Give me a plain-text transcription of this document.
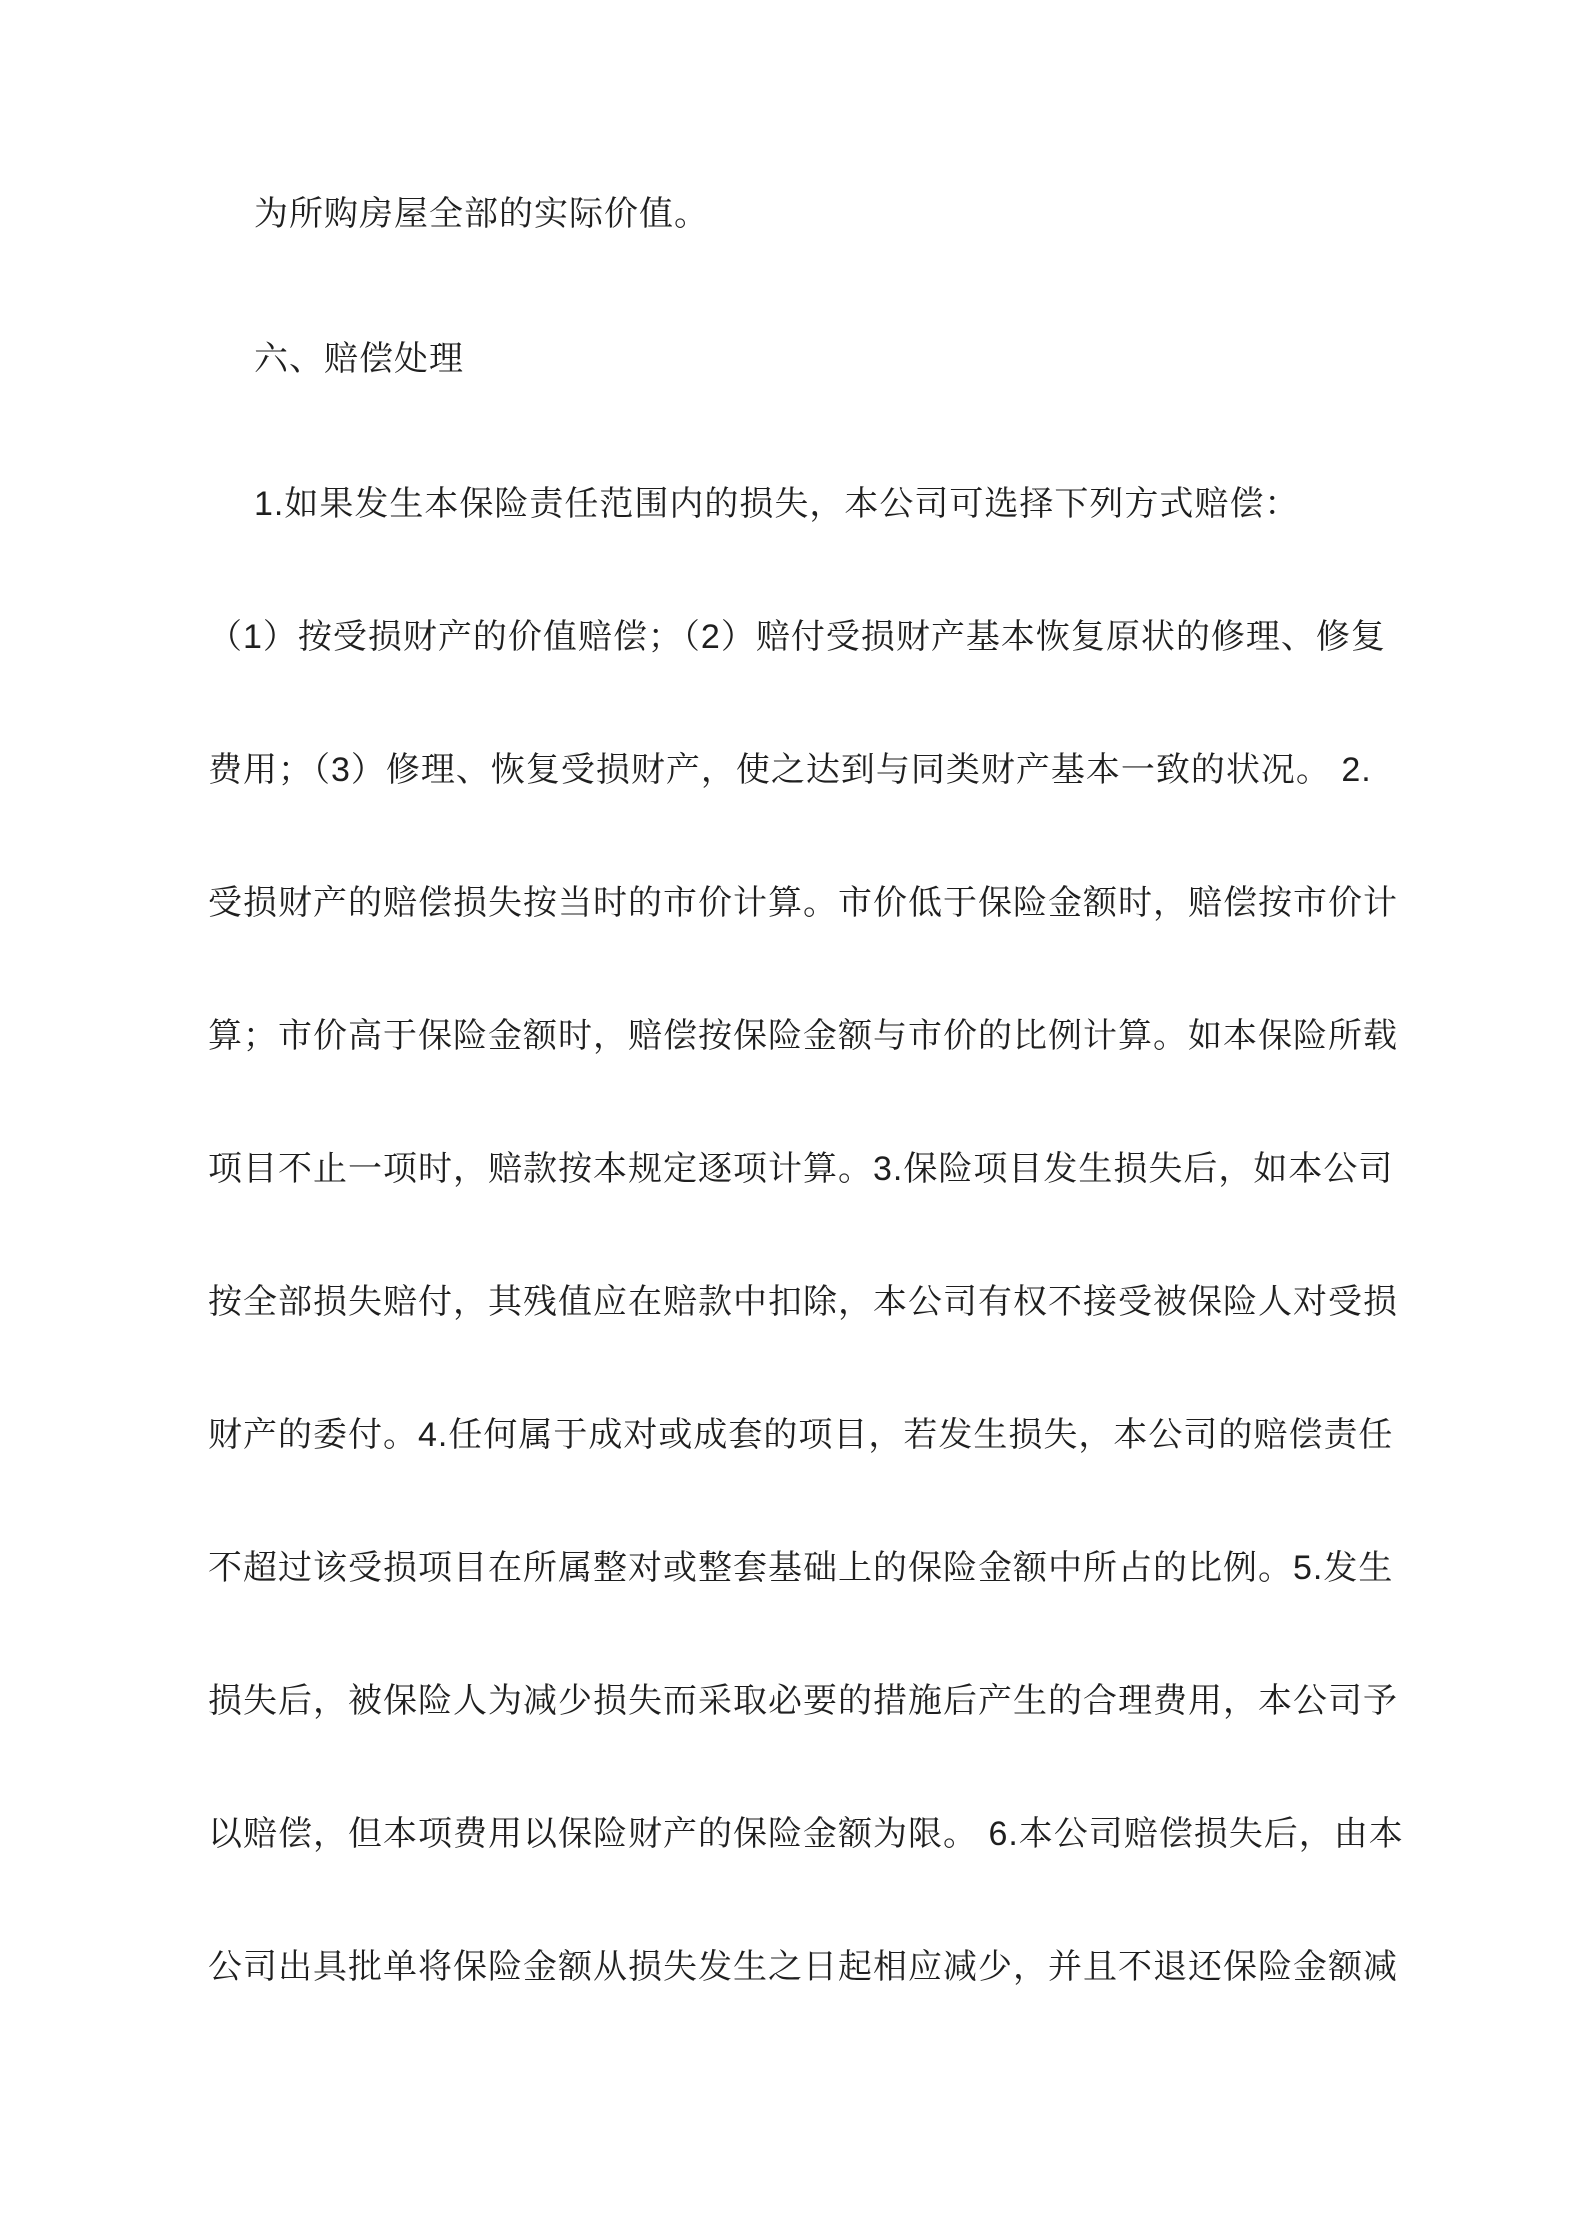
为所购房屋全部的实际价值。
六、赔偿处理
1.如果发生本保险责任范围内的损失，本公司可选择下列方式赔偿：
（1）按受损财产的价值赔偿；（2）赔付受损财产基本恢复原状的修理、修复
费用；（3）修理、恢复受损财产，使之达到与同类财产基本一致的状况。 2.
受损财产的赔偿损失按当时的市价计算。市价低于保险金额时，赔偿按市价计
算；市价高于保险金额时，赔偿按保险金额与市价的比例计算。如本保险所载
项目不止一项时，赔款按本规定逐项计算。3.保险项目发生损失后，如本公司
按全部损失赔付，其残值应在赔款中扣除，本公司有权不接受被保险人对受损
财产的委付。4.任何属于成对或成套的项目，若发生损失，本公司的赔偿责任
不超过该受损项目在所属整对或整套基础上的保险金额中所占的比例。5.发生
损失后，被保险人为减少损失而采取必要的措施后产生的合理费用，本公司予
以赔偿，但本项费用以保险财产的保险金额为限。 6.本公司赔偿损失后，由本
公司出具批单将保险金额从损失发生之日起相应减少，并且不退还保险金额减
